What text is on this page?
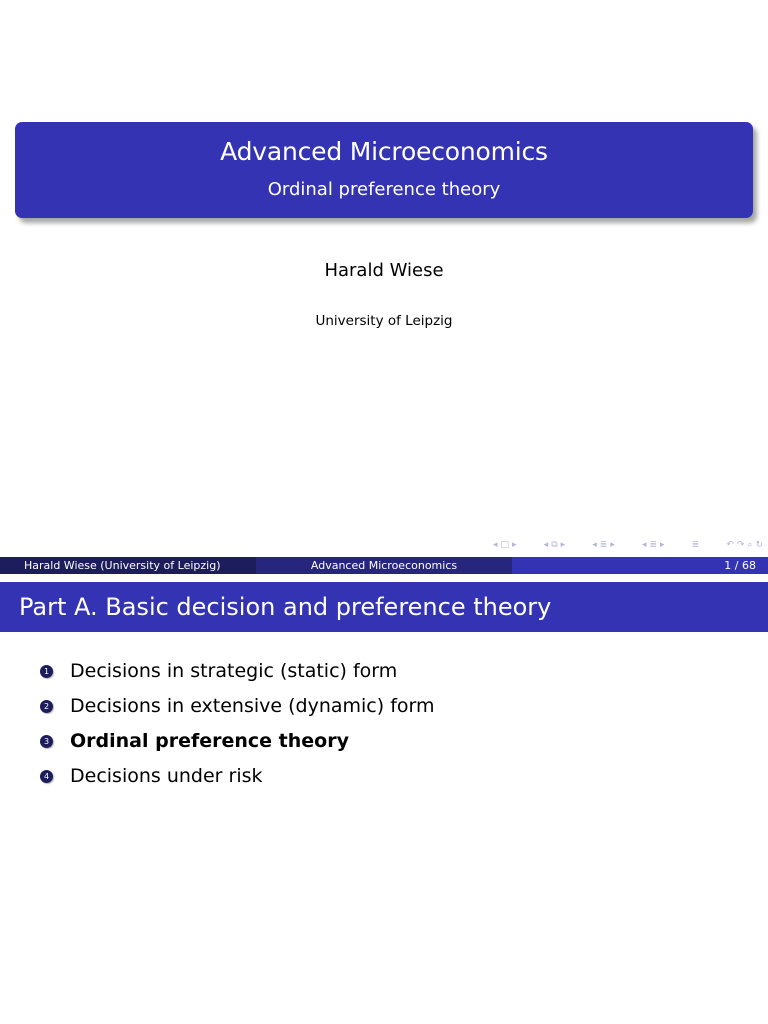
Advanced Microeconomics
Ordinal preference theory
Harald Wiese
University of Leipzig
◂ □ ▸	◂ ⧉ ▸	◂ ≣ ▸	◂ ≣ ▸	≣	↶ ↷ ⌕ ↻
Harald Wiese (University of Leipzig)	Advanced Microeconomics	1 / 68
Part A. Basic decision and preference theory
1 Decisions in strategic (static) form
2 Decisions in extensive (dynamic) form
3 Ordinal preference theory
4 Decisions under risk
